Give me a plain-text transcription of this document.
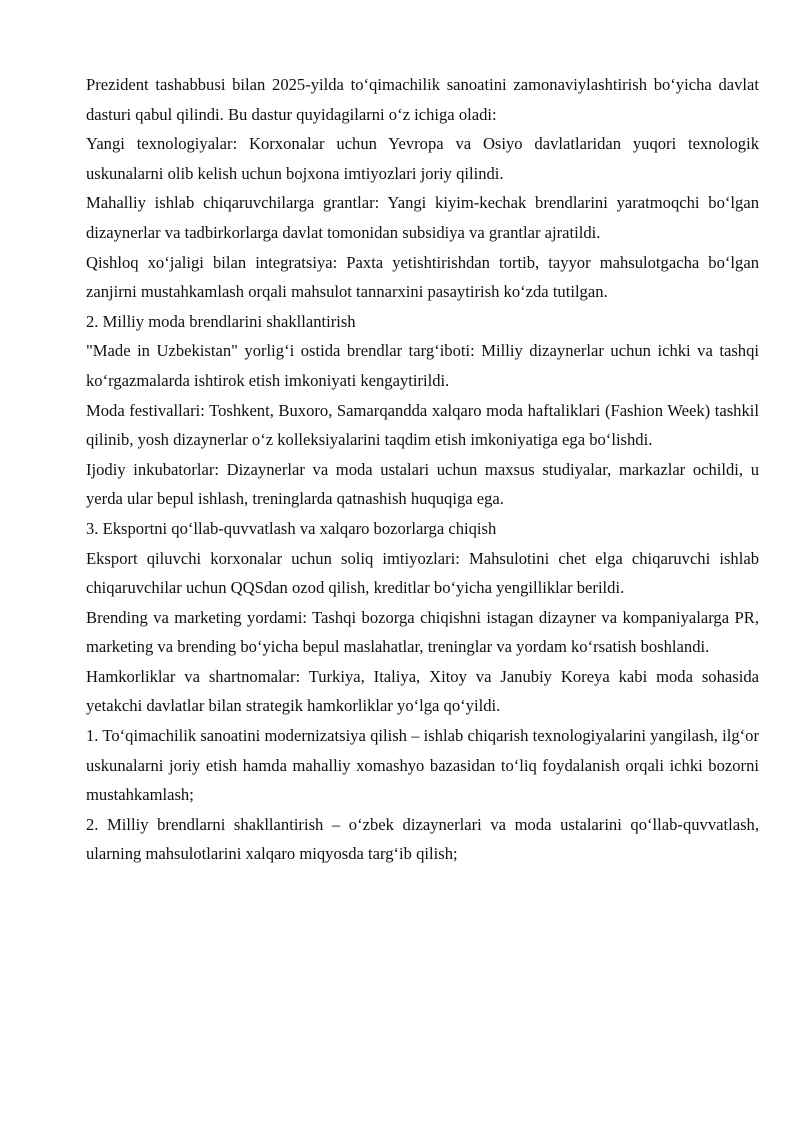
Prezident tashabbusi bilan 2025-yilda to‘qimachilik sanoatini zamonaviylashtirish bo‘yicha davlat dasturi qabul qilindi. Bu dastur quyidagilarni o‘z ichiga oladi:

Yangi texnologiyalar: Korxonalar uchun Yevropa va Osiyo davlatlaridan yuqori texnologik uskunalarni olib kelish uchun bojxona imtiyozlari joriy qilindi.

Mahalliy ishlab chiqaruvchilarga grantlar: Yangi kiyim-kechak brendlarini yaratmoqchi bo‘lgan dizaynerlar va tadbirkorlarga davlat tomonidan subsidiya va grantlar ajratildi.

Qishloq xo‘jaligi bilan integratsiya: Paxta yetishtirishdan tortib, tayyor mahsulotgacha bo‘lgan zanjirni mustahkamlash orqali mahsulot tannarxini pasaytirish ko‘zda tutilgan.

2. Milliy moda brendlarini shakllantirish

"Made in Uzbekistan" yorlig‘i ostida brendlar targ‘iboti: Milliy dizaynerlar uchun ichki va tashqi ko‘rgazmalarda ishtirok etish imkoniyati kengaytirildi.

Moda festivallari: Toshkent, Buxoro, Samarqandda xalqaro moda haftaliklari (Fashion Week) tashkil qilinib, yosh dizaynerlar o‘z kolleksiyalarini taqdim etish imkoniyatiga ega bo‘lishdi.

Ijodiy inkubatorlar: Dizaynerlar va moda ustalari uchun maxsus studiyalar, markazlar ochildi, u yerda ular bepul ishlash, treninglarda qatnashish huquqiga ega.

3. Eksportni qo‘llab-quvvatlash va xalqaro bozorlarga chiqish

Eksport qiluvchi korxonalar uchun soliq imtiyozlari: Mahsulotini chet elga chiqaruvchi ishlab chiqaruvchilar uchun QQSdan ozod qilish, kreditlar bo‘yicha yengilliklar berildi.

Brending va marketing yordami: Tashqi bozorga chiqishni istagan dizayner va kompaniyalarga PR, marketing va brending bo‘yicha bepul maslahatlar, treninglar va yordam ko‘rsatish boshlandi.

Hamkorliklar va shartnomalar: Turkiya, Italiya, Xitoy va Janubiy Koreya kabi moda sohasida yetakchi davlatlar bilan strategik hamkorliklar yo‘lga qo‘yildi.

1. To‘qimachilik sanoatini modernizatsiya qilish – ishlab chiqarish texnologiyalarini yangilash, ilg‘or uskunalarni joriy etish hamda mahalliy xomashyo bazasidan to‘liq foydalanish orqali ichki bozorni mustahkamlash;

2. Milliy brendlarni shakllantirish – o‘zbek dizaynerlari va moda ustalarini qo‘llab-quvvatlash, ularning mahsulotlarini xalqaro miqyosda targ‘ib qilish;
